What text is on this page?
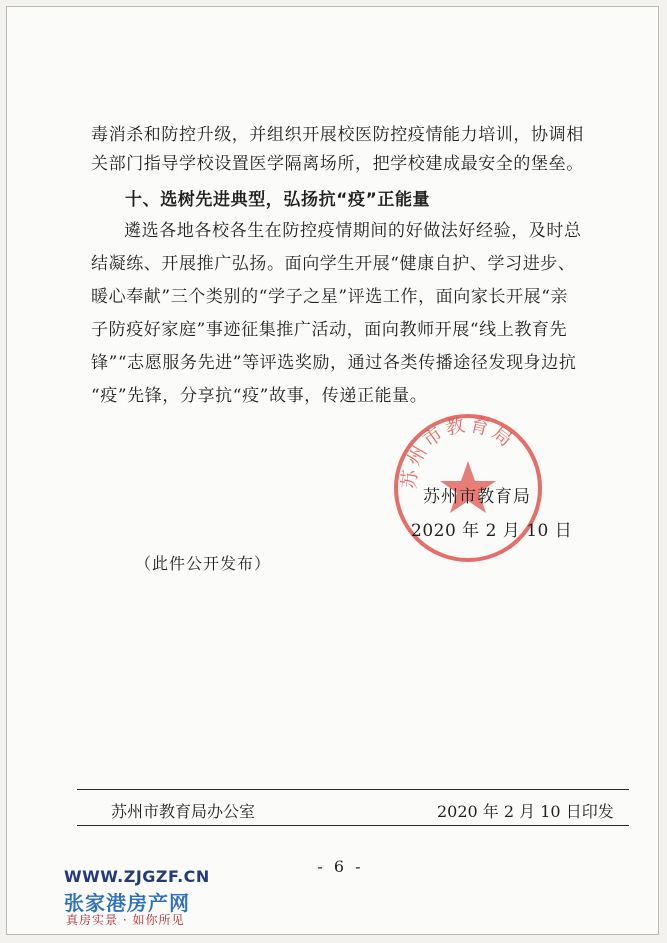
毒消杀和防控升级，并组织开展校医防控疫情能力培训，协调相
关部门指导学校设置医学隔离场所，把学校建成最安全的堡垒。
十、选树先进典型，弘扬抗“疫”正能量
遴选各地各校各生在防控疫情期间的好做法好经验，及时总
结凝练、开展推广弘扬。面向学生开展“健康自护、学习进步、
暖心奉献”三个类别的“学子之星”评选工作，面向家长开展“亲
子防疫好家庭”事迹征集推广活动，面向教师开展“线上教育先
锋”“志愿服务先进”等评选奖励，通过各类传播途径发现身边抗
“疫”先锋，分享抗“疫”故事，传递正能量。
苏州市教育局
苏州市教育局
2020 年 2 月 10 日
（此件公开发布）
苏州市教育局办公室	2020 年 2 月 10 日印发
- 6 -
WWW.ZJGZF.CN
张家港房产网
真房实景 · 如你所见
